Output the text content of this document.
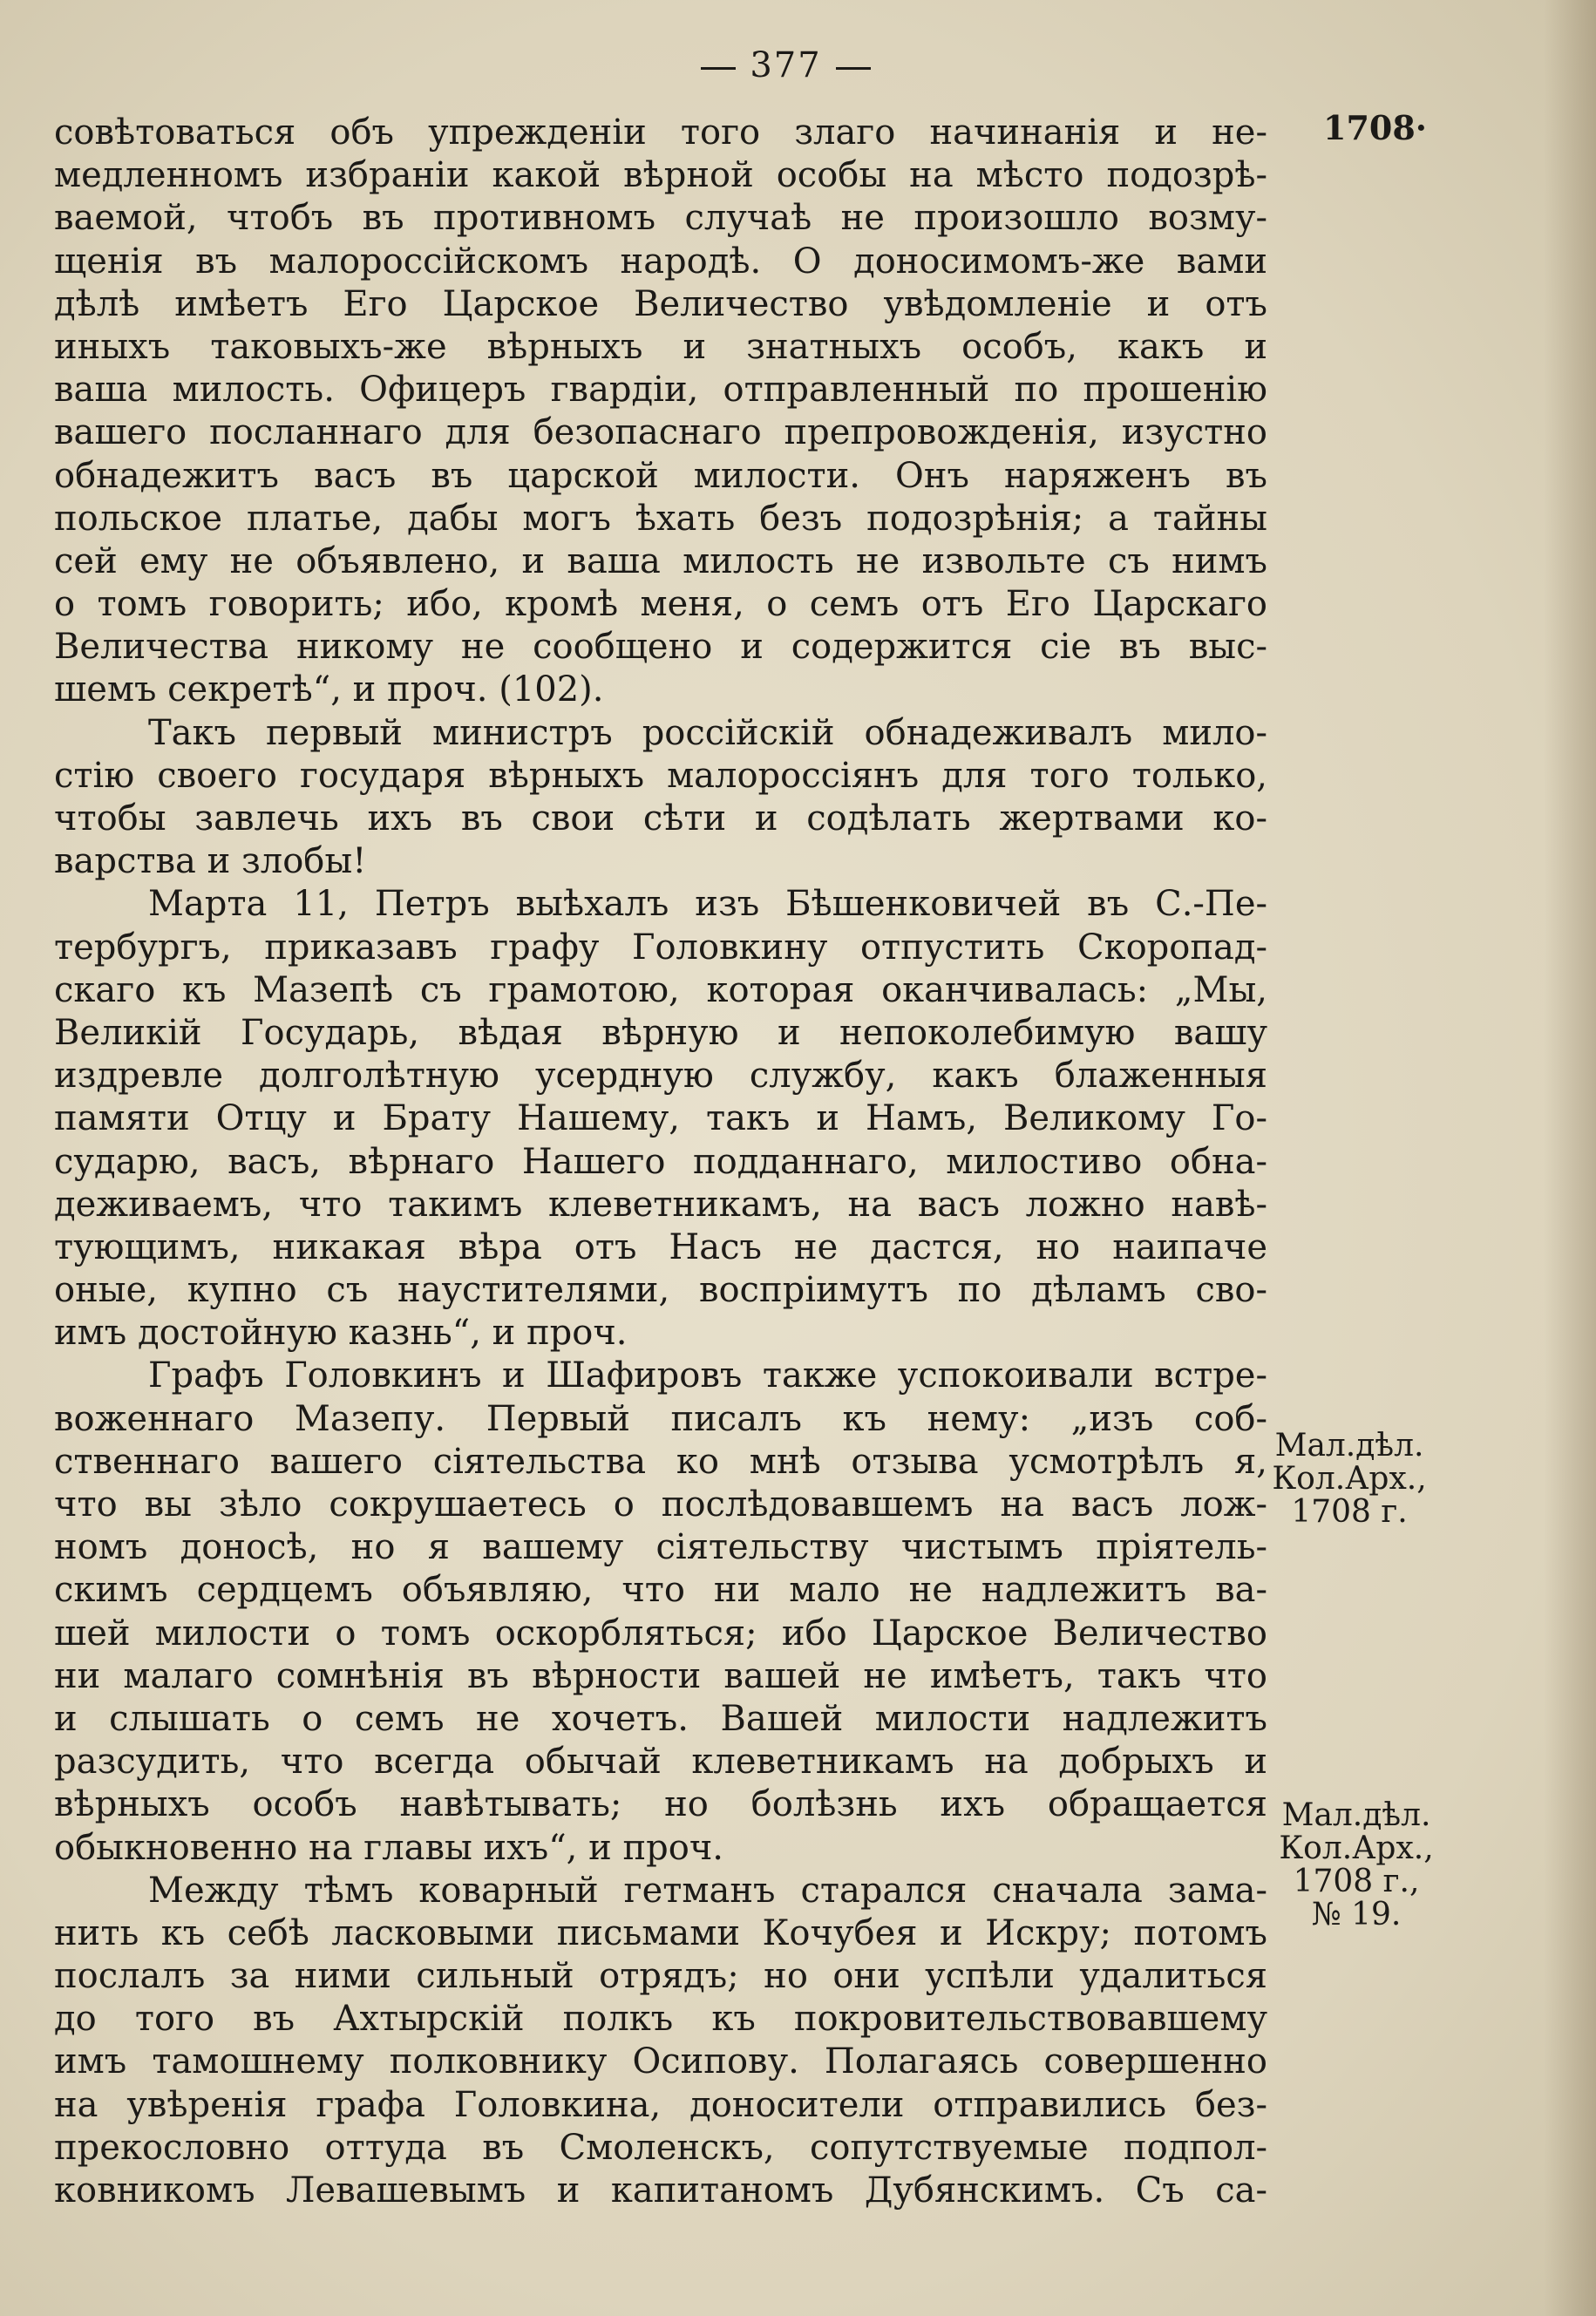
377
1708·
Мал.дѣл.
Кол.Арх.,
1708 г.
Мал.дѣл.
Кол.Арх.,
1708 г.,
№ 19.
совѣтоваться объ упрежденіи того злаго начинанія и не-
медленномъ избраніи какой вѣрной особы на мѣсто подозрѣ-
ваемой, чтобъ въ противномъ случаѣ не произошло возму-
щенія въ малороссійскомъ народѣ. О доносимомъ-же вами
дѣлѣ имѣетъ Его Царское Величество увѣдомленіе и отъ
иныхъ таковыхъ-же вѣрныхъ и знатныхъ особъ, какъ и
ваша милость. Офицеръ гвардіи, отправленный по прошенію
вашего посланнаго для безопаснаго препровожденія, изустно
обнадежитъ васъ въ царской милости. Онъ наряженъ въ
польское платье, дабы могъ ѣхать безъ подозрѣнія; а тайны
сей ему не объявлено, и ваша милость не извольте съ нимъ
о томъ говорить; ибо, кромѣ меня, о семъ отъ Его Царскаго
Величества никому не сообщено и содержится сіе въ выс-
шемъ секретѣ“, и проч. (102).
Такъ первый министръ россійскій обнадеживалъ мило-
стію своего государя вѣрныхъ малороссіянъ для того только,
чтобы завлечь ихъ въ свои сѣти и содѣлать жертвами ко-
варства и злобы!
Марта 11, Петръ выѣхалъ изъ Бѣшенковичей въ С.-Пе-
тербургъ, приказавъ графу Головкину отпустить Скоропад-
скаго къ Мазепѣ съ грамотою, которая оканчивалась: „Мы,
Великій Государь, вѣдая вѣрную и непоколебимую вашу
издревле долголѣтную усердную службу, какъ блаженныя
памяти Отцу и Брату Нашему, такъ и Намъ, Великому Го-
сударю, васъ, вѣрнаго Нашего подданнаго, милостиво обна-
деживаемъ, что такимъ клеветникамъ, на васъ ложно навѣ-
тующимъ, никакая вѣра отъ Насъ не дастся, но наипаче
оные, купно съ наустителями, воспріимутъ по дѣламъ сво-
имъ достойную казнь“, и проч.
Графъ Головкинъ и Шафировъ также успокоивали встре-
воженнаго Мазепу. Первый писалъ къ нему: „изъ соб-
ственнаго вашего сіятельства ко мнѣ отзыва усмотрѣлъ я,
что вы зѣло сокрушаетесь о послѣдовавшемъ на васъ лож-
номъ доносѣ, но я вашему сіятельству чистымъ пріятель-
скимъ сердцемъ объявляю, что ни мало не надлежитъ ва-
шей милости о томъ оскорбляться; ибо Царское Величество
ни малаго сомнѣнія въ вѣрности вашей не имѣетъ, такъ что
и слышать о семъ не хочетъ. Вашей милости надлежитъ
разсудить, что всегда обычай клеветникамъ на добрыхъ и
вѣрныхъ особъ навѣтывать; но болѣзнь ихъ обращается
обыкновенно на главы ихъ“, и проч.
Между тѣмъ коварный гетманъ старался сначала зама-
нить къ себѣ ласковыми письмами Кочубея и Искру; потомъ
послалъ за ними сильный отрядъ; но они успѣли удалиться
до того въ Ахтырскій полкъ къ покровительствовавшему
имъ тамошнему полковнику Осипову. Полагаясь совершенно
на увѣренія графа Головкина, доносители отправились без-
прекословно оттуда въ Смоленскъ, сопутствуемые подпол-
ковникомъ Левашевымъ и капитаномъ Дубянскимъ. Съ са-
